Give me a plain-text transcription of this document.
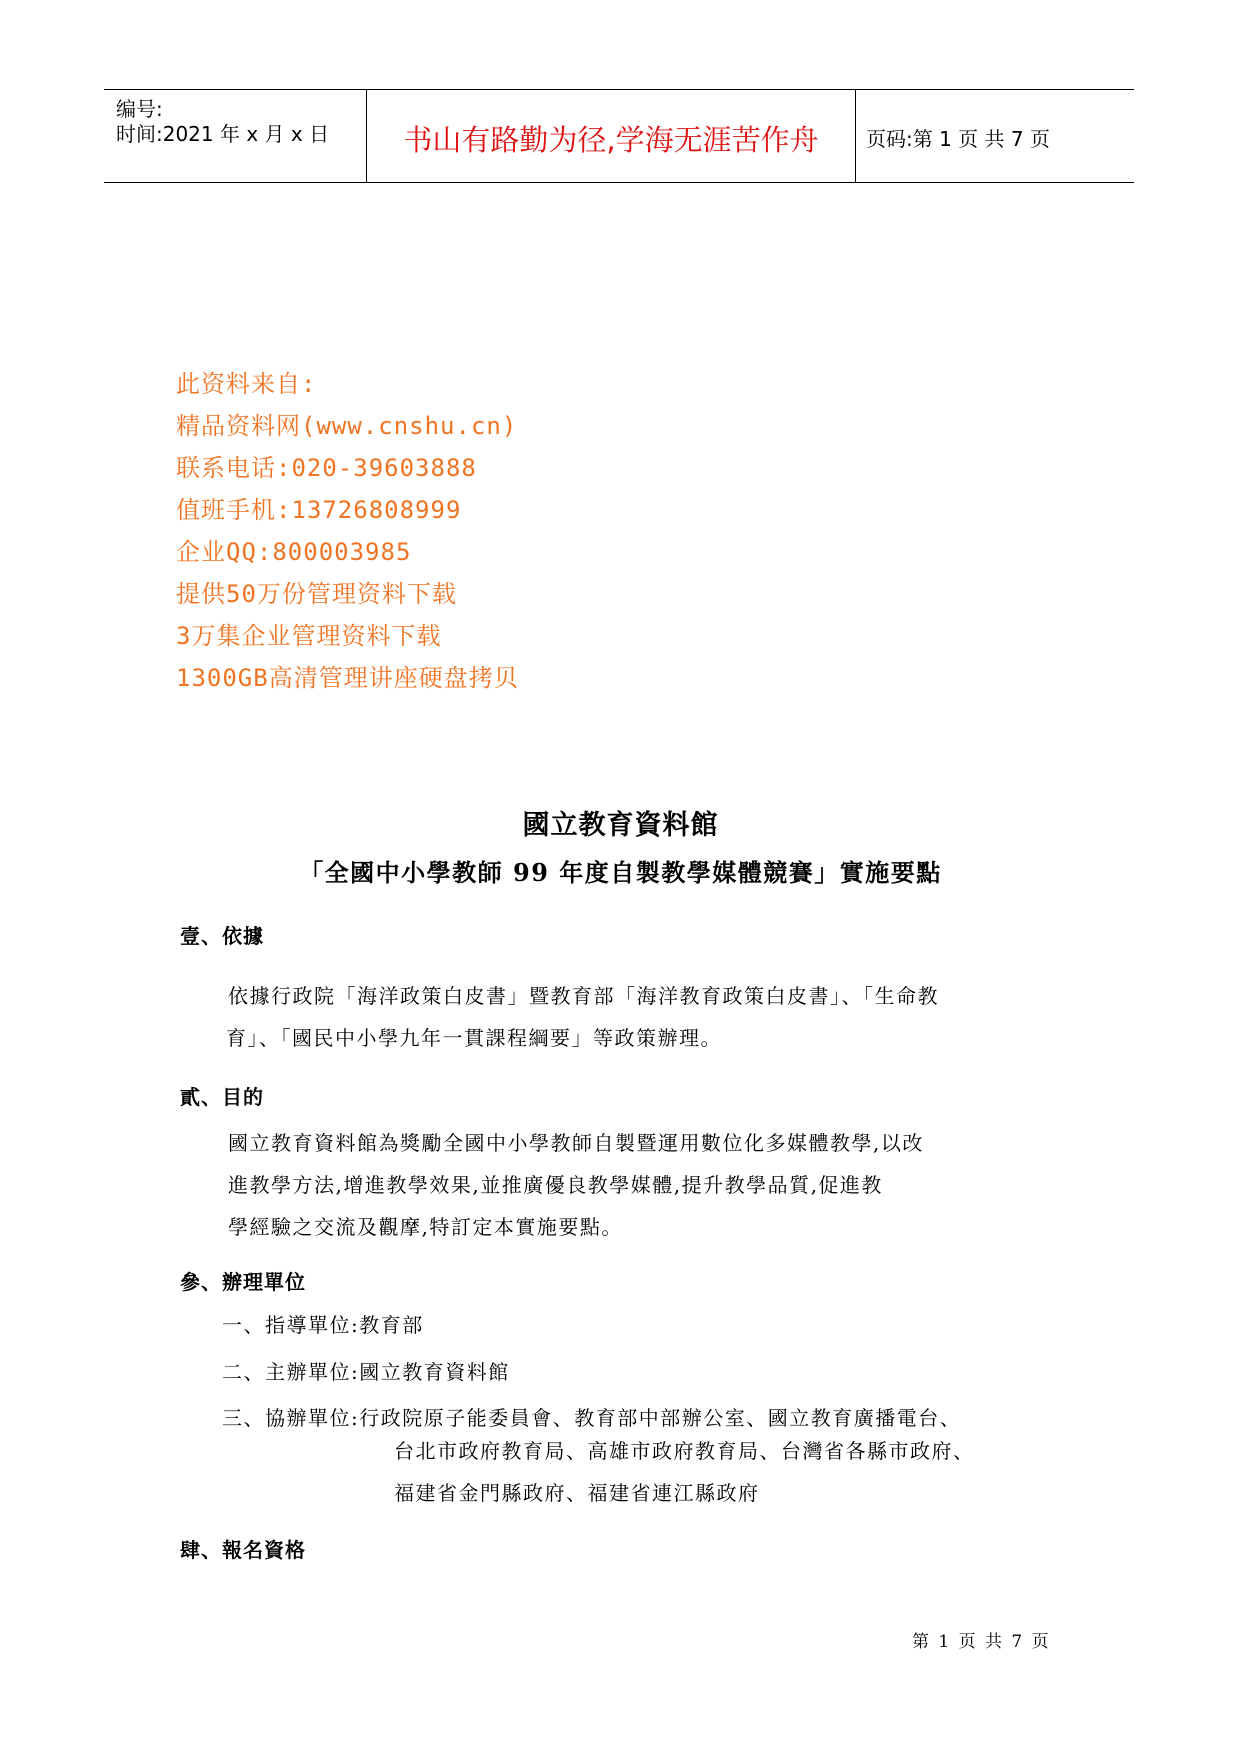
编号:
时间:2021 年 x 月 x 日	书山有路勤为径,学海无涯苦作舟	页码:第 1 页 共 7 页
此资料来自:
精品资料网(www.cnshu.cn)
联系电话:020-39603888
值班手机:13726808999
企业QQ:800003985
提供50万份管理资料下载
3万集企业管理资料下载
1300GB高清管理讲座硬盘拷贝
國立教育資料館
「全國中小學教師 99 年度自製教學媒體競賽」實施要點
壹、依據
依據行政院「海洋政策白皮書」暨教育部「海洋教育政策白皮書」、「生命教
育」、「國民中小學九年一貫課程綱要」等政策辦理。
貳、目的
國立教育資料館為獎勵全國中小學教師自製暨運用數位化多媒體教學,以改
進教學方法,增進教學效果,並推廣優良教學媒體,提升教學品質,促進教
學經驗之交流及觀摩,特訂定本實施要點。
參、辦理單位
一、指導單位:教育部
二、主辦單位:國立教育資料館
三、協辦單位:行政院原子能委員會、教育部中部辦公室、國立教育廣播電台、
台北市政府教育局、高雄市政府教育局、台灣省各縣市政府、
福建省金門縣政府、福建省連江縣政府
肆、報名資格
第 1 页 共 7 页
